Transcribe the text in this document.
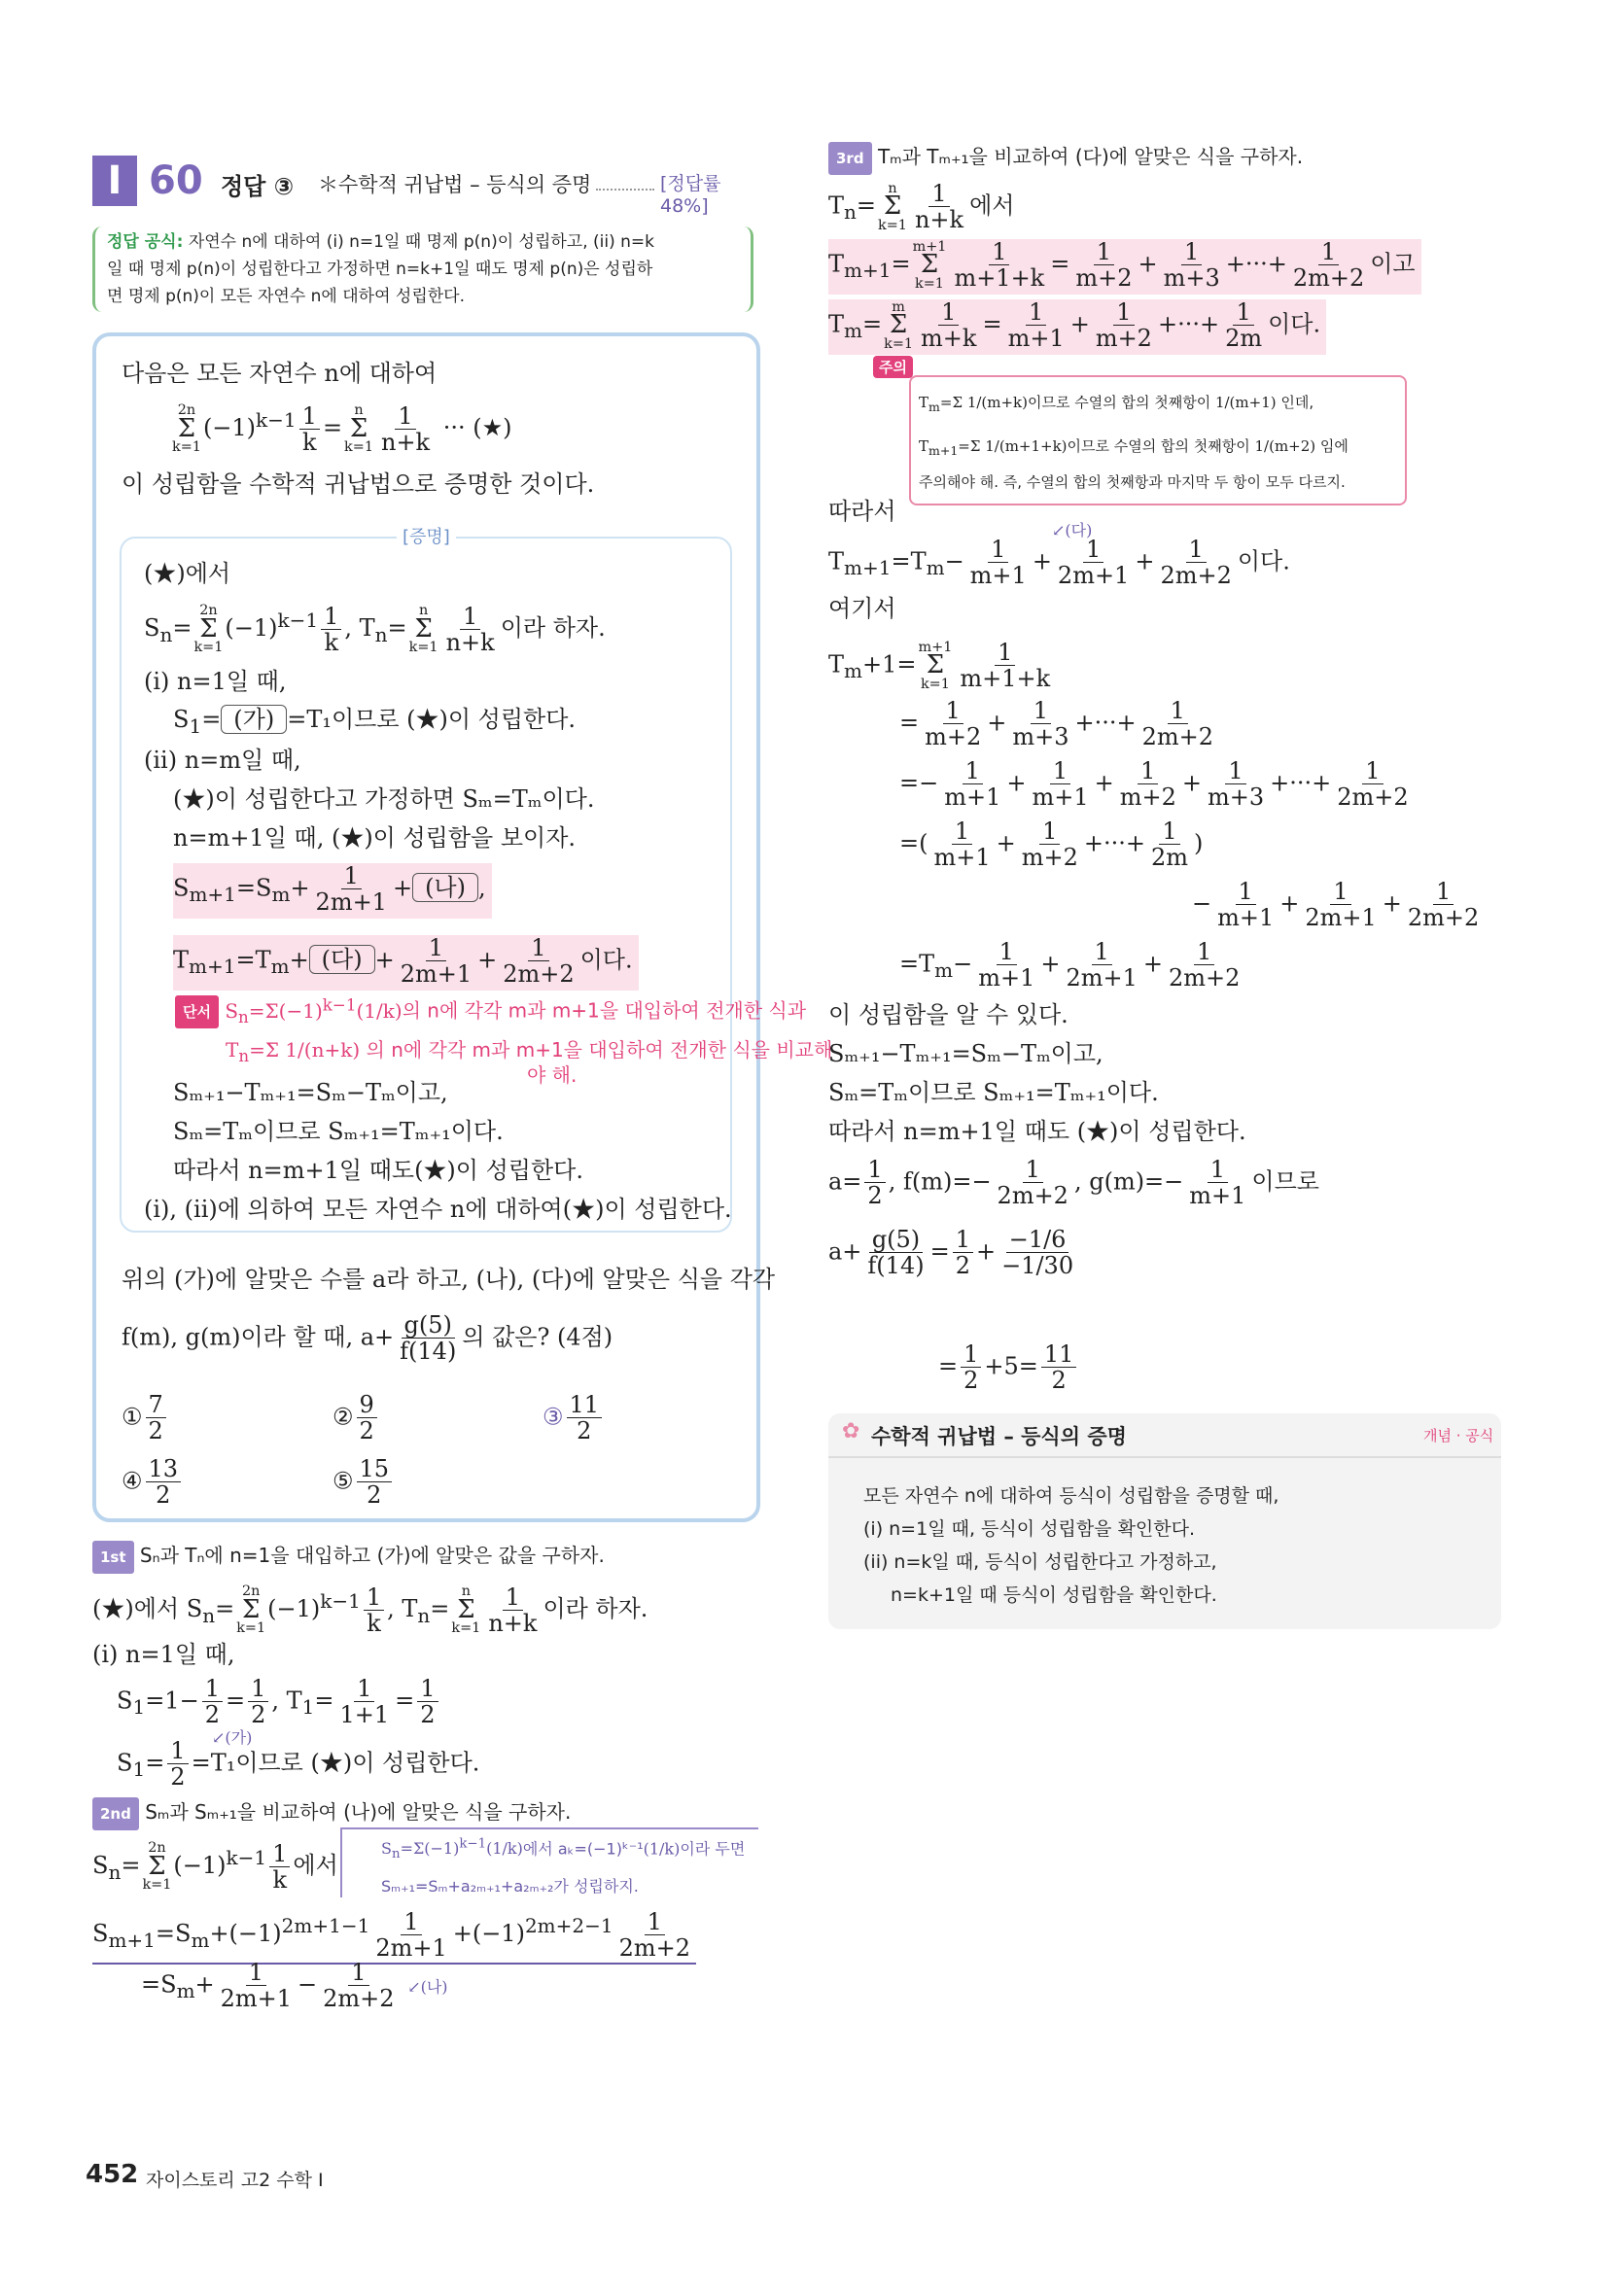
I 60 정답 ③ ＊수학적 귀납법 – 등식의 증명	[정답률 48%]
정답 공식: 자연수 n에 대하여 (i) n=1일 때 명제 p(n)이 성립하고, (ii) n=k
일 때 명제 p(n)이 성립한다고 가정하면 n=k+1일 때도 명제 p(n)은 성립하
면 명제 p(n)이 모든 자연수 n에 대하여 성립한다.
다음은 모든 자연수 n에 대하여
2n
Σ
k=1
$(-1)^{k-1} \frac{1}{k}$ =
n
Σ
$k=1 \frac{1}{n+k}$ ··· (★)
이 성립함을 수학적 귀납법으로 증명한 것이다.
[증명]
(★)에서
$S_n=$
2n
Σ
k=1
$(-1)^{k-1} \frac{1}{k}$ , $T_n=$
n
Σ
$k=1 \frac{1}{n+k}$ 이라 하자.
(i) n=1일 때,
$S_1=$ (가) =T₁이므로 (★)이 성립한다.
(ii) n=m일 때,
(★)이 성립한다고 가정하면 Sₘ=Tₘ이다.
n=m+1일 때, (★)이 성립함을 보이자.
$S_{m+1}=S_m+ \frac{1}{2m+1}$ + (나) ,
$T_{m+1}=T_m+$ (다) + $\frac{1}{2m+1} + \frac{1}{2m+2}$ 이다.
단서 $S_n=\Sigma(-1)^{k-1}(1/k)$의 n에 각각 m과 m+1을 대입하여 전개한 식과
$T_n=\Sigma$ 1/(n+k) 의 n에 각각 m과 m+1을 대입하여 전개한 식을 비교해
야 해.
Sₘ₊₁−Tₘ₊₁=Sₘ−Tₘ이고,
Sₘ=Tₘ이므로 Sₘ₊₁=Tₘ₊₁이다.
따라서 n=m+1일 때도(★)이 성립한다.
(i), (ii)에 의하여 모든 자연수 n에 대하여(★)이 성립한다.
위의 (가)에 알맞은 수를 a라 하고, (나), (다)에 알맞은 식을 각각
f(m), g(m)이라 할 때, $a+ \frac{g(5)}{f(14)}$ 의 값은? (4점)
① $\frac{7}{2}$	② $\frac{9}{2}$	③ $\frac{11}{2}$
④ $\frac{13}{2}$	⑤ $\frac{15}{2}$
1st Sₙ과 Tₙ에 n=1을 대입하고 (가)에 알맞은 값을 구하자.
(★)에서 $S_n=$
2n
Σ
k=1
$(-1)^{k-1} \frac{1}{k}$ , $T_n=$
n
Σ
$k=1 \frac{1}{n+k}$ 이라 하자.
(i) n=1일 때,
$S_1=1- \frac{1}{2} = \frac{1}{2}$ , $T_1= \frac{1}{1+1} = \frac{1}{2}$
↙(가)
$S_1= \frac{1}{2} =T_1$이므로 (★)이 성립한다.
2nd Sₘ과 Sₘ₊₁을 비교하여 (나)에 알맞은 식을 구하자.
$S_n=$
2n
Σ
k=1
$(-1)^{k-1} \frac{1}{k}$ 에서
$S_n=\Sigma(-1)^{k-1}(1/k)$에서 aₖ=(−1)ᵏ⁻¹(1/k)이라 두면
Sₘ₊₁=Sₘ+a₂ₘ₊₁+a₂ₘ₊₂가 성립하지.
$S_{m+1}=S_m+(-1)^{2m+1-1} \frac{1}{2m+1} +(-1)^{2m+2-1} \frac{1}{2m+2}$
$=S_m+ \frac{1}{2m+1} - \frac{1}{2m+2}$ ↙(나)
3rd Tₘ과 Tₘ₊₁을 비교하여 (다)에 알맞은 식을 구하자.
$T_n=$
n
Σ
$k=1 \frac{1}{n+k}$ 에서
$T_{m+1}=$
m+1
Σ
$k=1 \frac{1}{m+1+k} = \frac{1}{m+2} + \frac{1}{m+3}$ +···+ $\frac{1}{2m+2}$ 이고
$T_m=$
m
Σ
$k=1 \frac{1}{m+k} = \frac{1}{m+1} + \frac{1}{m+2}$ +···+ $\frac{1}{2m}$ 이다.
주의
$T_m=\Sigma$ 1/(m+k)이므로 수열의 합의 첫째항이 1/(m+1) 인데,
$T_{m+1}=\Sigma$ 1/(m+1+k)이므로 수열의 합의 첫째항이 1/(m+2) 임에
주의해야 해. 즉, 수열의 합의 첫째항과 마지막 두 항이 모두 다르지.
따라서
↙(다)
$T_{m+1}=T_m- \frac{1}{m+1} + \frac{1}{2m+1} + \frac{1}{2m+2}$ 이다.
여기서
$T_m+1=$
m+1
Σ
$k=1 \frac{1}{m+1+k}$
= $\frac{1}{m+2} + \frac{1}{m+3}$ +···+ $\frac{1}{2m+2}$
=− $\frac{1}{m+1} + \frac{1}{m+1} + \frac{1}{m+2} + \frac{1}{m+3}$ +···+ $\frac{1}{2m+2}$
=( $\frac{1}{m+1} + \frac{1}{m+2}$ +···+ $\frac{1}{2m}$ )
− $\frac{1}{m+1} + \frac{1}{2m+1} + \frac{1}{2m+2}$
$=T_m- \frac{1}{m+1} + \frac{1}{2m+1} + \frac{1}{2m+2}$
이 성립함을 알 수 있다.
Sₘ₊₁−Tₘ₊₁=Sₘ−Tₘ이고,
Sₘ=Tₘ이므로 Sₘ₊₁=Tₘ₊₁이다.
따라서 n=m+1일 때도 (★)이 성립한다.
$a= \frac{1}{2}$ , $f(m)=- \frac{1}{2m+2}$ , $g(m)=- \frac{1}{m+1}$ 이므로
$a+ \frac{g(5)}{f(14)} = \frac{1}{2} + \frac{-1/6}{-1/30}$
= $\frac{1}{2} +5= \frac{11}{2}$
✿ 수학적 귀납법 – 등식의 증명	개념 · 공식
모든 자연수 n에 대하여 등식이 성립함을 증명할 때,
(i) n=1일 때, 등식이 성립함을 확인한다.
(ii) n=k일 때, 등식이 성립한다고 가정하고,
n=k+1일 때 등식이 성립함을 확인한다.
452 자이스토리 고2 수학 I
